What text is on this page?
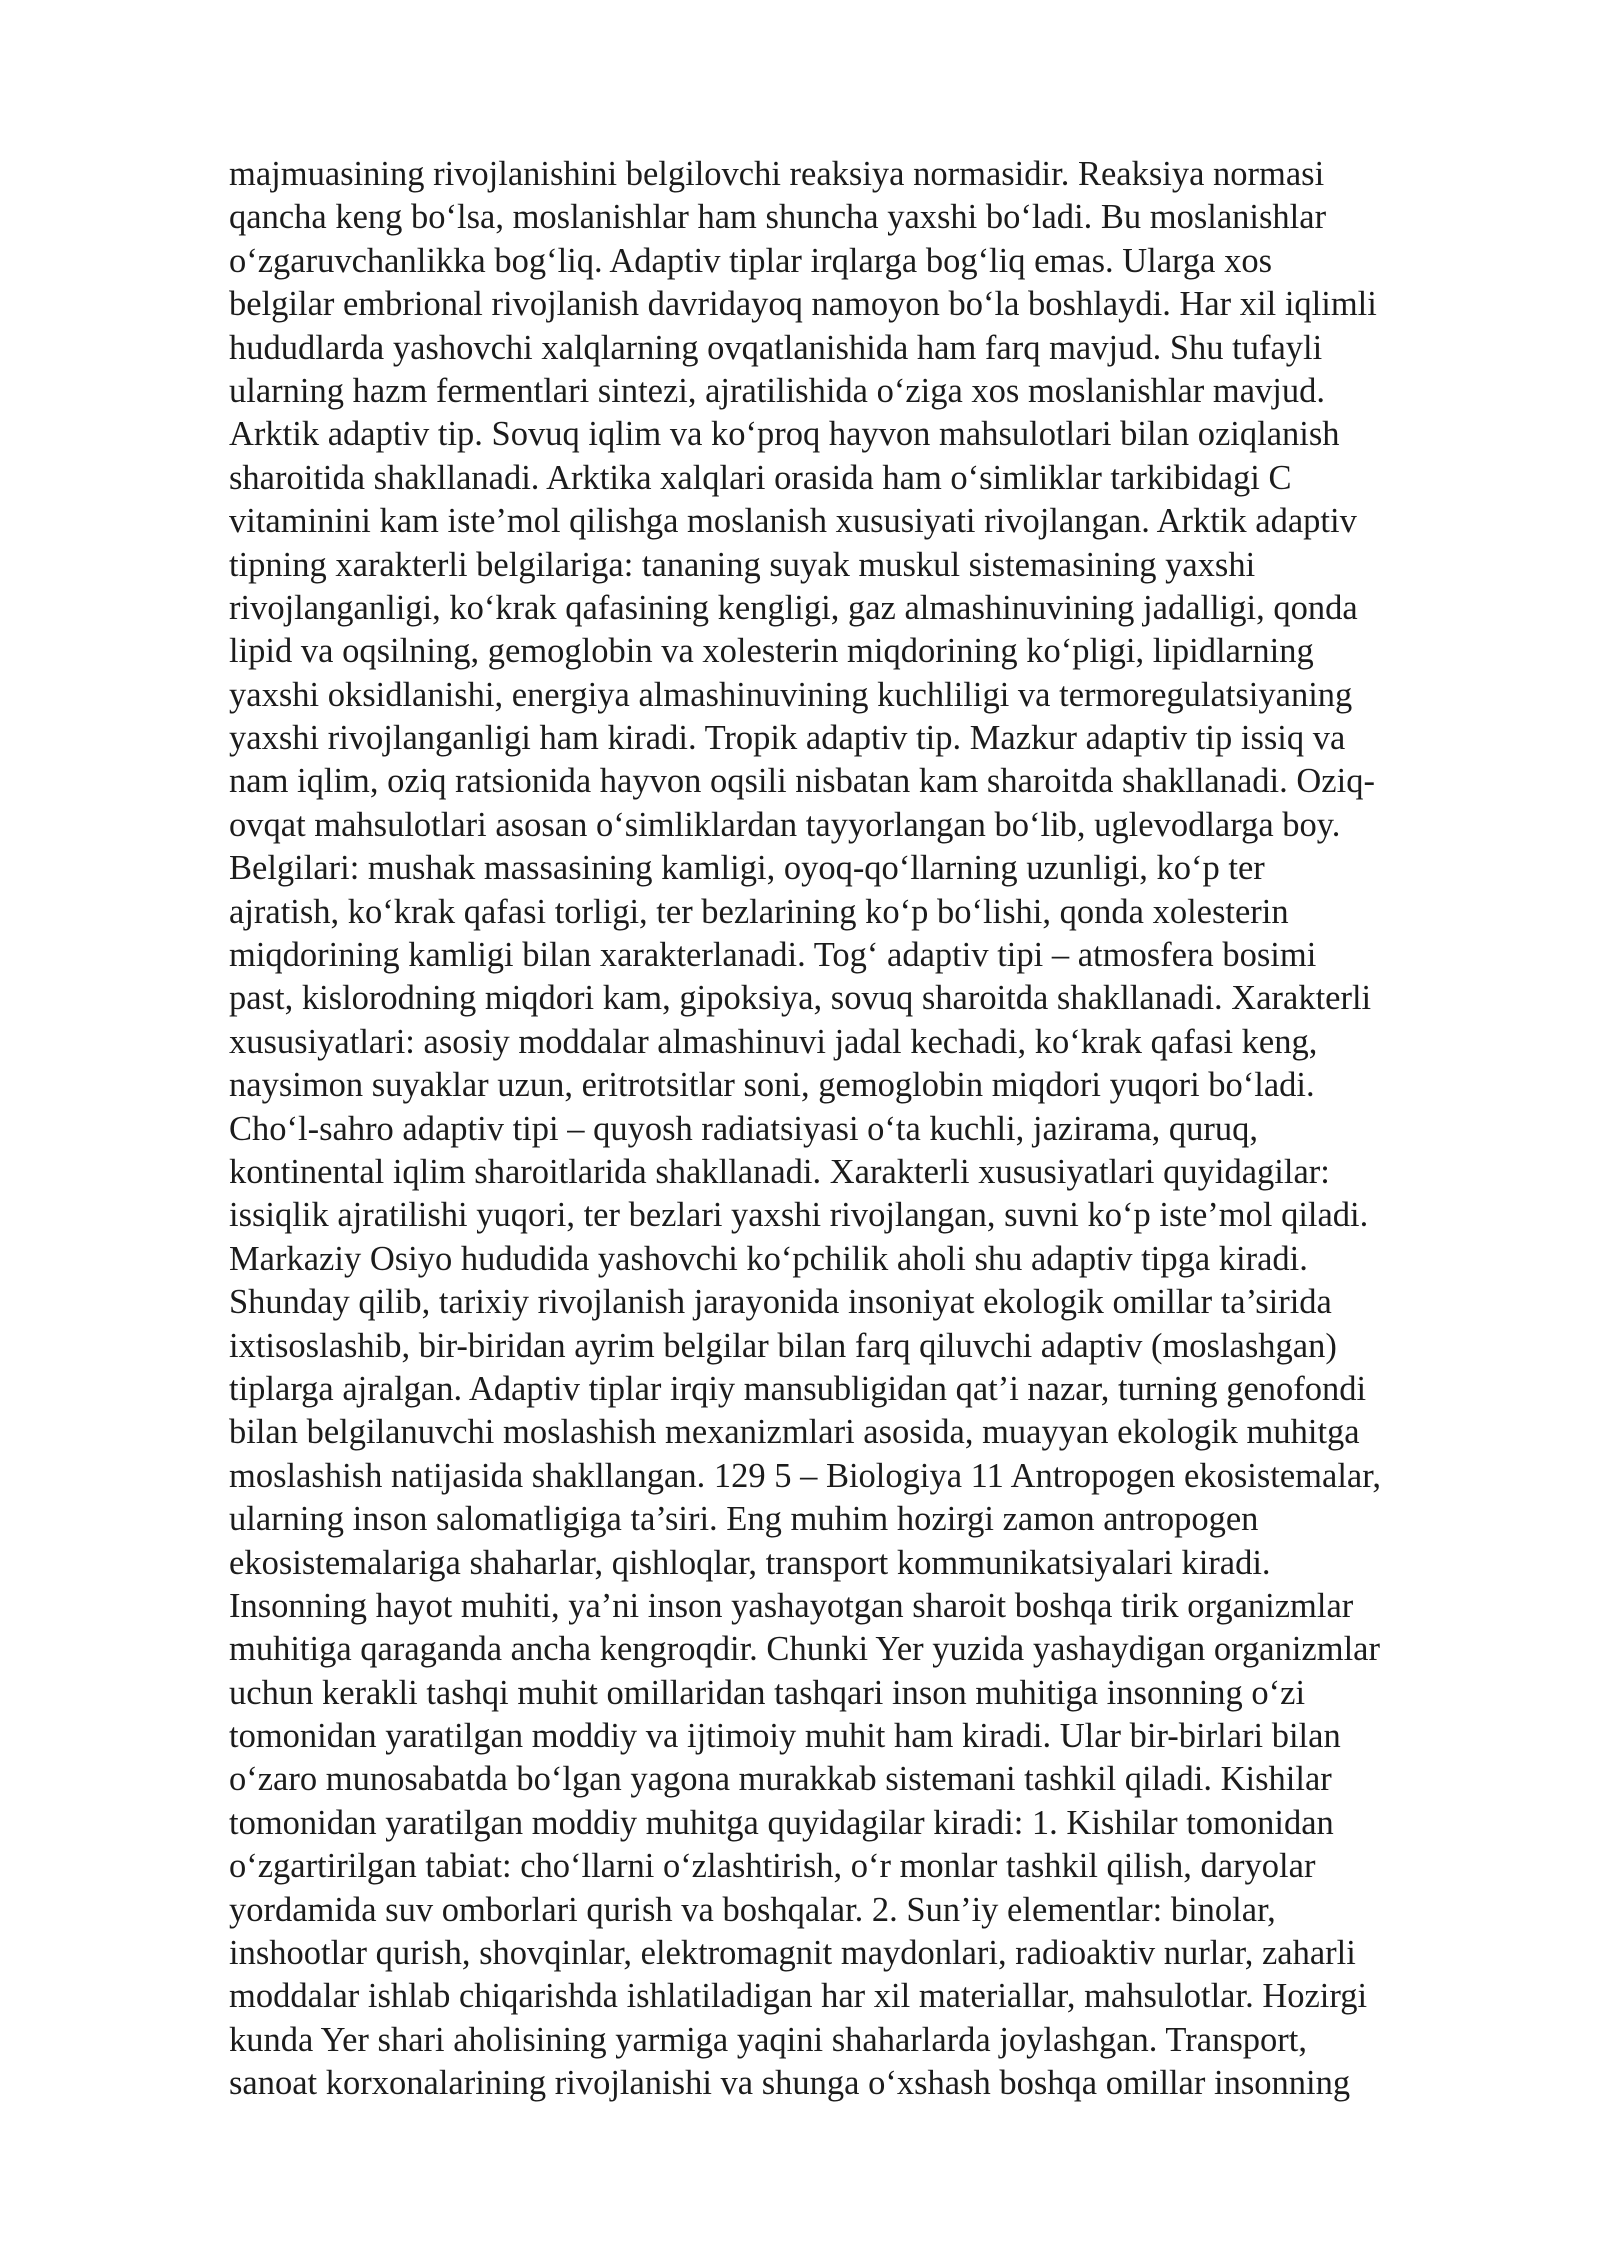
majmuasining rivojlanishini belgilovchi reaksiya normasidir. Reaksiya normasi
qancha keng bo‘lsa, moslanishlar ham shuncha yaxshi bo‘ladi. Bu moslanishlar
o‘zgaruvchanlikka bog‘liq. Adaptiv tiplar irqlarga bog‘liq emas. Ularga xos
belgilar embrional rivojlanish davridayoq namoyon bo‘la boshlaydi. Har xil iqlimli
hududlarda yashovchi xalqlarning ovqatlanishida ham farq mavjud. Shu tufayli
ularning hazm fermentlari sintezi, ajratilishida o‘ziga xos moslanishlar mavjud.
Arktik adaptiv tip. Sovuq iqlim va ko‘proq hayvon mahsulotlari bilan oziqlanish
sharoitida shakllanadi. Arktika xalqlari orasida ham o‘simliklar tarkibidagi C
vitaminini kam iste’mol qilishga moslanish xususiyati rivojlangan. Arktik adaptiv
tipning xarakterli belgilariga: tananing suyak muskul sistemasining yaxshi
rivojlanganligi, ko‘krak qafasining kengligi, gaz almashinuvining jadalligi, qonda
lipid va oqsilning, gemoglobin va xolesterin miqdorining ko‘pligi, lipidlarning
yaxshi oksidlanishi, energiya almashinuvining kuchliligi va termoregulatsiyaning
yaxshi rivojlanganligi ham kiradi. Tropik adaptiv tip. Mazkur adaptiv tip issiq va
nam iqlim, oziq ratsionida hayvon oqsili nisbatan kam sharoitda shakllanadi. Oziq-
ovqat mahsulotlari asosan o‘simliklardan tayyorlangan bo‘lib, uglevodlarga boy.
Belgilari: mushak massasining kamligi, oyoq-qo‘llarning uzunligi, ko‘p ter
ajratish, ko‘krak qafasi torligi, ter bezlarining ko‘p bo‘lishi, qonda xolesterin
miqdorining kamligi bilan xarakterlanadi. Tog‘ adaptiv tipi – atmosfera bosimi
past, kislorodning miqdori kam, gipoksiya, sovuq sharoitda shakllanadi. Xarakterli
xususiyatlari: asosiy moddalar almashinuvi jadal kechadi, ko‘krak qafasi keng,
naysimon suyaklar uzun, eritrotsitlar soni, gemoglobin miqdori yuqori bo‘ladi.
Cho‘l-sahro adaptiv tipi – quyosh radiatsiyasi o‘ta kuchli, jazirama, quruq,
kontinental iqlim sharoitlarida shakllanadi. Xarakterli xususiyatlari quyidagilar:
issiqlik ajratilishi yuqori, ter bezlari yaxshi rivojlangan, suvni ko‘p iste’mol qiladi.
Markaziy Osiyo hududida yashovchi ko‘pchilik aholi shu adaptiv tipga kiradi.
Shunday qilib, tarixiy rivojlanish jarayonida insoniyat ekologik omillar ta’sirida
ixtisoslashib, bir-biridan ayrim belgilar bilan farq qiluvchi adaptiv (moslashgan)
tiplarga ajralgan. Adaptiv tiplar irqiy mansubligidan qat’i nazar, turning genofondi
bilan belgilanuvchi moslashish mexanizmlari asosida, muayyan ekologik muhitga
moslashish natijasida shakllangan. 129 5 – Biologiya 11 Antropogen ekosistemalar,
ularning inson salomatligiga ta’siri. Eng muhim hozirgi zamon antropogen
ekosistemalariga shaharlar, qishloqlar, transport kommunikatsiyalari kiradi.
Insonning hayot muhiti, ya’ni inson yashayotgan sharoit boshqa tirik organizmlar
muhitiga qaraganda ancha kengroqdir. Chunki Yer yuzida yashaydigan organizmlar
uchun kerakli tashqi muhit omillaridan tashqari inson muhitiga insonning o‘zi
tomonidan yaratilgan moddiy va ijtimoiy muhit ham kiradi. Ular bir-birlari bilan
o‘zaro munosabatda bo‘lgan yagona murakkab sistemani tashkil qiladi. Kishilar
tomonidan yaratilgan moddiy muhitga quyidagilar kiradi: 1. Kishilar tomonidan
o‘zgartirilgan tabiat: cho‘llarni o‘zlashtirish, o‘r monlar tashkil qilish, daryolar
yordamida suv omborlari qurish va boshqalar. 2. Sun’iy elementlar: binolar,
inshootlar qurish, shovqinlar, elektromagnit maydonlari, radioaktiv nurlar, zaharli
moddalar ishlab chiqarishda ishlatiladigan har xil materiallar, mahsulotlar. Hozirgi
kunda Yer shari aholisining yarmiga yaqini shaharlarda joylashgan. Transport,
sanoat korxonalarining rivojlanishi va shunga o‘xshash boshqa omillar insonning
